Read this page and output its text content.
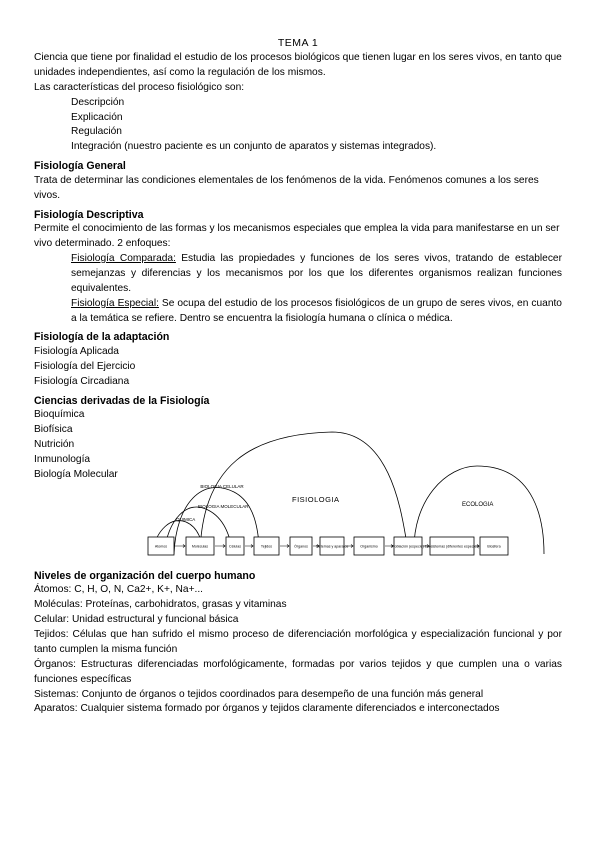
TEMA 1

Ciencia que tiene por finalidad el estudio de los procesos biológicos que tienen lugar en los seres vivos, en tanto que unidades independientes, así como la regulación de los mismos.

Las características del proceso fisiológico son:

Descripción

Explicación

Regulación

Integración (nuestro paciente es un conjunto de aparatos y sistemas integrados).

Fisiología General

Trata de determinar las condiciones elementales de los fenómenos de la vida. Fenómenos comunes a los seres vivos.

Fisiología Descriptiva

Permite el conocimiento de las formas y los mecanismos especiales que emplea la vida para manifestarse en un ser vivo determinado. 2 enfoques:

Fisiología Comparada: Estudia las propiedades y funciones de los seres vivos, tratando de establecer semejanzas y diferencias y los mecanismos por los que los diferentes organismos realizan funciones equivalentes.

Fisiología Especial: Se ocupa del estudio de los procesos fisiológicos de un grupo de seres vivos, en cuanto a la temática se refiere. Dentro se encuentra la fisiología humana o clínica o médica.

Fisiología de la adaptación

Fisiología Aplicada

Fisiología del Ejercicio

Fisiología Circadiana

Ciencias derivadas de la Fisiología

Bioquímica

Biofísica

Nutrición

Inmunología

Biología Molecular

Niveles de organización del cuerpo humano

Átomos: C, H, O, N, Ca2+, K+, Na+...

Moléculas: Proteínas, carbohidratos, grasas y vitaminas

Celular: Unidad estructural y funcional básica

Tejidos: Células que han sufrido el mismo proceso de diferenciación morfológica y especialización funcional y por tanto cumplen la misma función

Órganos: Estructuras diferenciadas morfológicamente, formadas por varios tejidos y que cumplen una o varias funciones específicas

Sistemas: Conjunto de órganos o tejidos coordinados para desempeño de una función más general

Aparatos: Cualquier sistema formado por órganos y tejidos claramente diferenciados e interconectados

FISIOLOGIA
ECOLOGIA
BIOLOGIA CELULAR
BIOLOGIA MOLECULAR
QUIMICA
Atomos	Moléculas	Células	Tejidos	Órganos Sistemas y aparatos	Organismo	Población (especie) Ecosistemas (diferentes especies) Biosfera
